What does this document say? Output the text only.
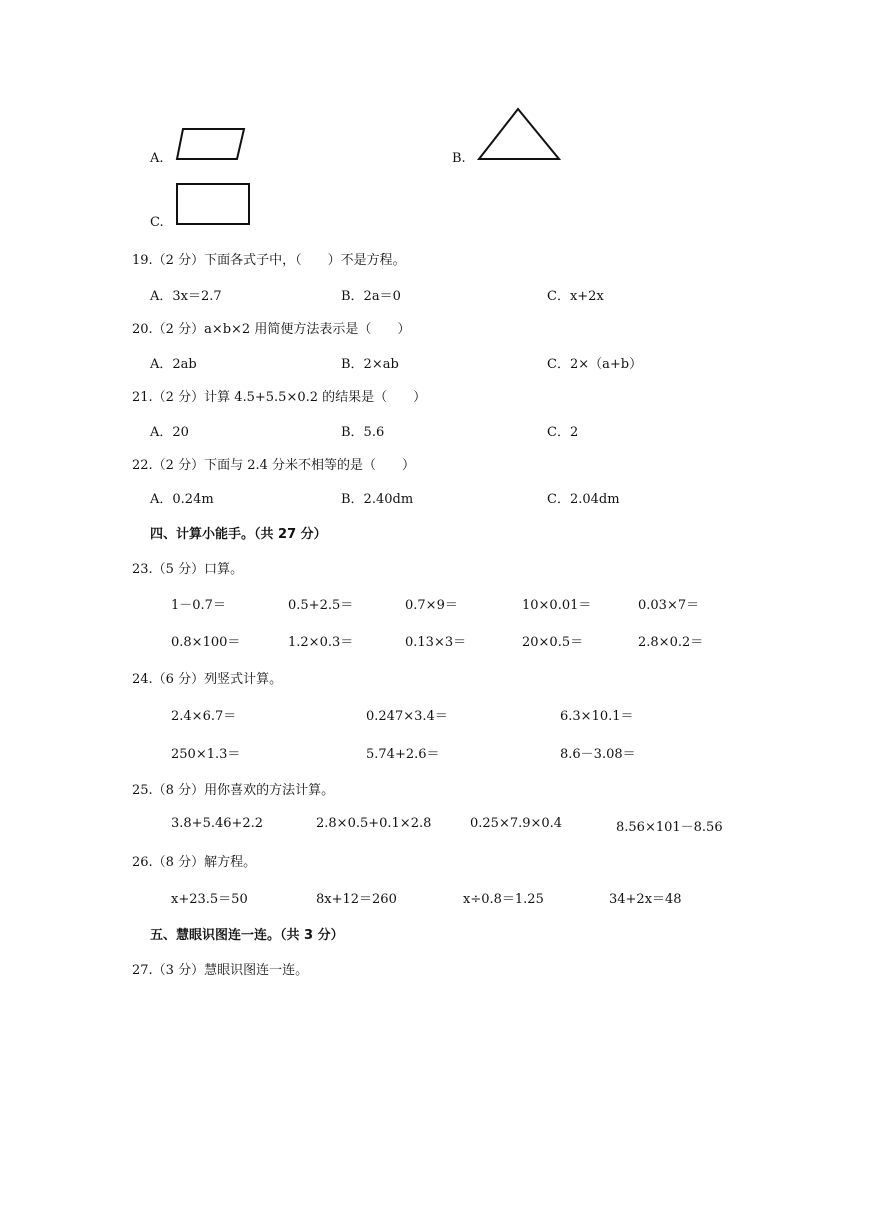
A.	B.
C.
19.（2 分）下面各式子中，（　　）不是方程。
A．3x＝2.7	B．2a＝0	C．x+2x
20.（2 分）a×b×2 用简便方法表示是（　　）
A．2ab	B．2×ab	C．2×（a+b）
21.（2 分）计算 4.5+5.5×0.2 的结果是（　　）
A．20	B．5.6	C．2
22.（2 分）下面与 2.4 分米不相等的是（　　）
A．0.24m	B．2.40dm	C．2.04dm
四、计算小能手。（共 27 分）
23.（5 分）口算。
1－0.7＝	0.5+2.5＝	0.7×9＝	10×0.01＝	0.03×7＝
0.8×100＝	1.2×0.3＝	0.13×3＝	20×0.5＝	2.8×0.2＝
24.（6 分）列竖式计算。
2.4×6.7＝	0.247×3.4＝	6.3×10.1＝
250×1.3＝	5.74+2.6＝	8.6－3.08＝
25.（8 分）用你喜欢的方法计算。
3.8+5.46+2.2	2.8×0.5+0.1×2.8	0.25×7.9×0.4	8.56×101－8.56
26.（8 分）解方程。
x+23.5＝50	8x+12＝260	x÷0.8＝1.25	34+2x＝48
五、慧眼识图连一连。（共 3 分）
27.（3 分）慧眼识图连一连。
